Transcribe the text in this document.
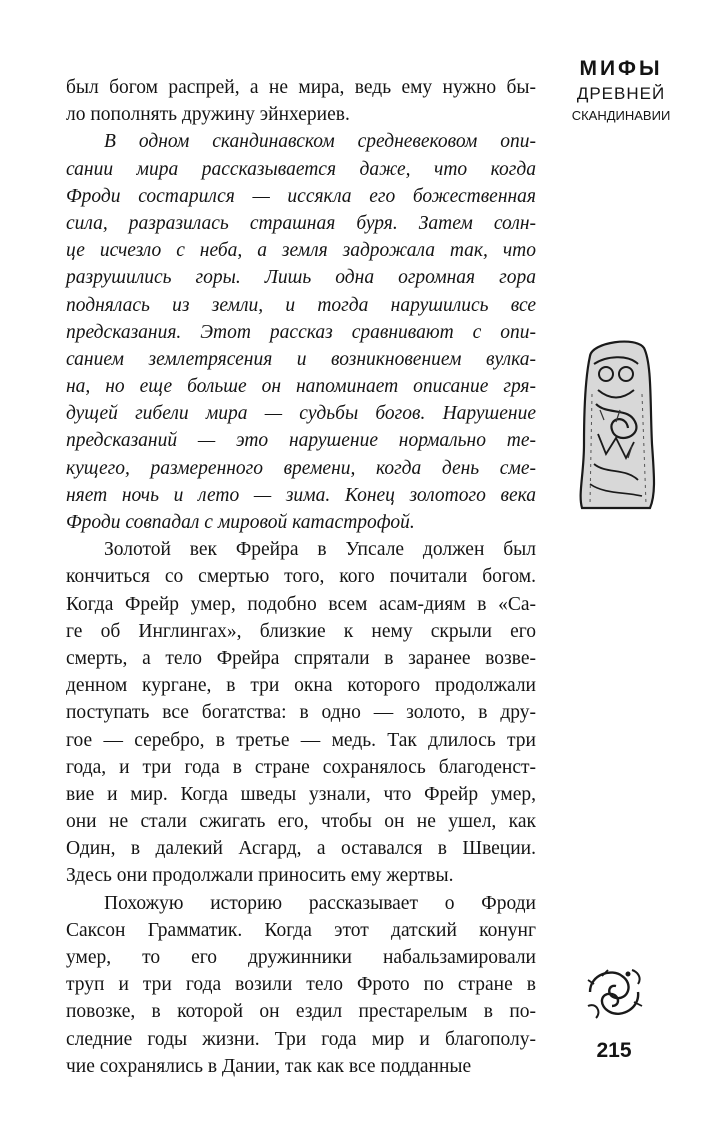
был богом распрей, а не мира, ведь ему нужно бы-
ло пополнять дружину эйнхериев.
В одном скандинавском средневековом опи-
сании мира рассказывается даже, что когда
Фроди состарился — иссякла его божественная
сила, разразилась страшная буря. Затем солн-
це исчезло с неба, а земля задрожала так, что
разрушились горы. Лишь одна огромная гора
поднялась из земли, и тогда нарушились все
предсказания. Этот рассказ сравнивают с опи-
санием землетрясения и возникновением вулка-
на, но еще больше он напоминает описание гря-
дущей гибели мира — судьбы богов. Нарушение
предсказаний — это нарушение нормально те-
кущего, размеренного времени, когда день сме-
няет ночь и лето — зима. Конец золотого века
Фроди совпадал с мировой катастрофой.
Золотой век Фрейра в Упсале должен был
кончиться со смертью того, кого почитали богом.
Когда Фрейр умер, подобно всем асам-диям в «Са-
ге об Инглингах», близкие к нему скрыли его
смерть, а тело Фрейра спрятали в заранее возве-
денном кургане, в три окна которого продолжали
поступать все богатства: в одно — золото, в дру-
гое — серебро, в третье — медь. Так длилось три
года, и три года в стране сохранялось благоденст-
вие и мир. Когда шведы узнали, что Фрейр умер,
они не стали сжигать его, чтобы он не ушел, как
Один, в далекий Асгард, а оставался в Швеции.
Здесь они продолжали приносить ему жертвы.
Похожую историю рассказывает о Фроди
Саксон Грамматик. Когда этот датский конунг
умер, то его дружинники набальзамировали
труп и три года возили тело Фрото по стране в
повозке, в которой он ездил престарелым в по-
следние годы жизни. Три года мир и благополу-
чие сохранялись в Дании, так как все подданные
МИФЫ
ДРЕВНЕЙ
СКАНДИНАВИИ
215
